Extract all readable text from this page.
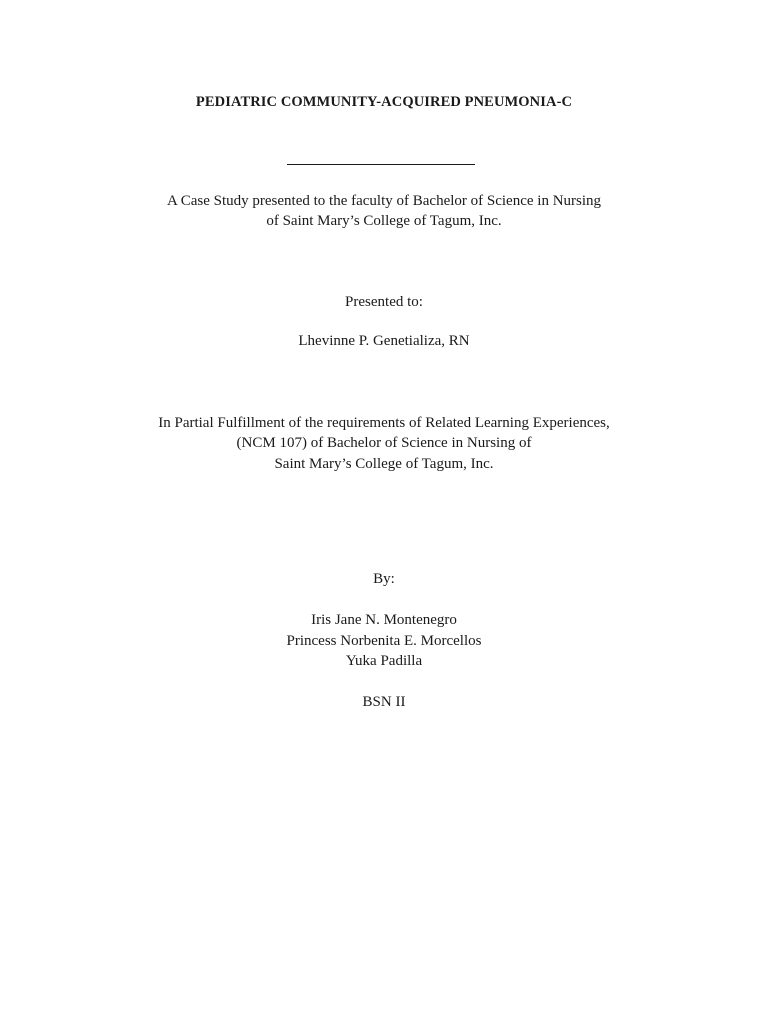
PEDIATRIC COMMUNITY-ACQUIRED PNEUMONIA-C
A Case Study presented to the faculty of Bachelor of Science in Nursing
of Saint Mary’s College of Tagum, Inc.
Presented to:
Lhevinne P. Genetializa, RN
In Partial Fulfillment of the requirements of Related Learning Experiences,
(NCM 107) of Bachelor of Science in Nursing of
Saint Mary’s College of Tagum, Inc.
By:
Iris Jane N. Montenegro
Princess Norbenita E. Morcellos
Yuka Padilla
BSN II
